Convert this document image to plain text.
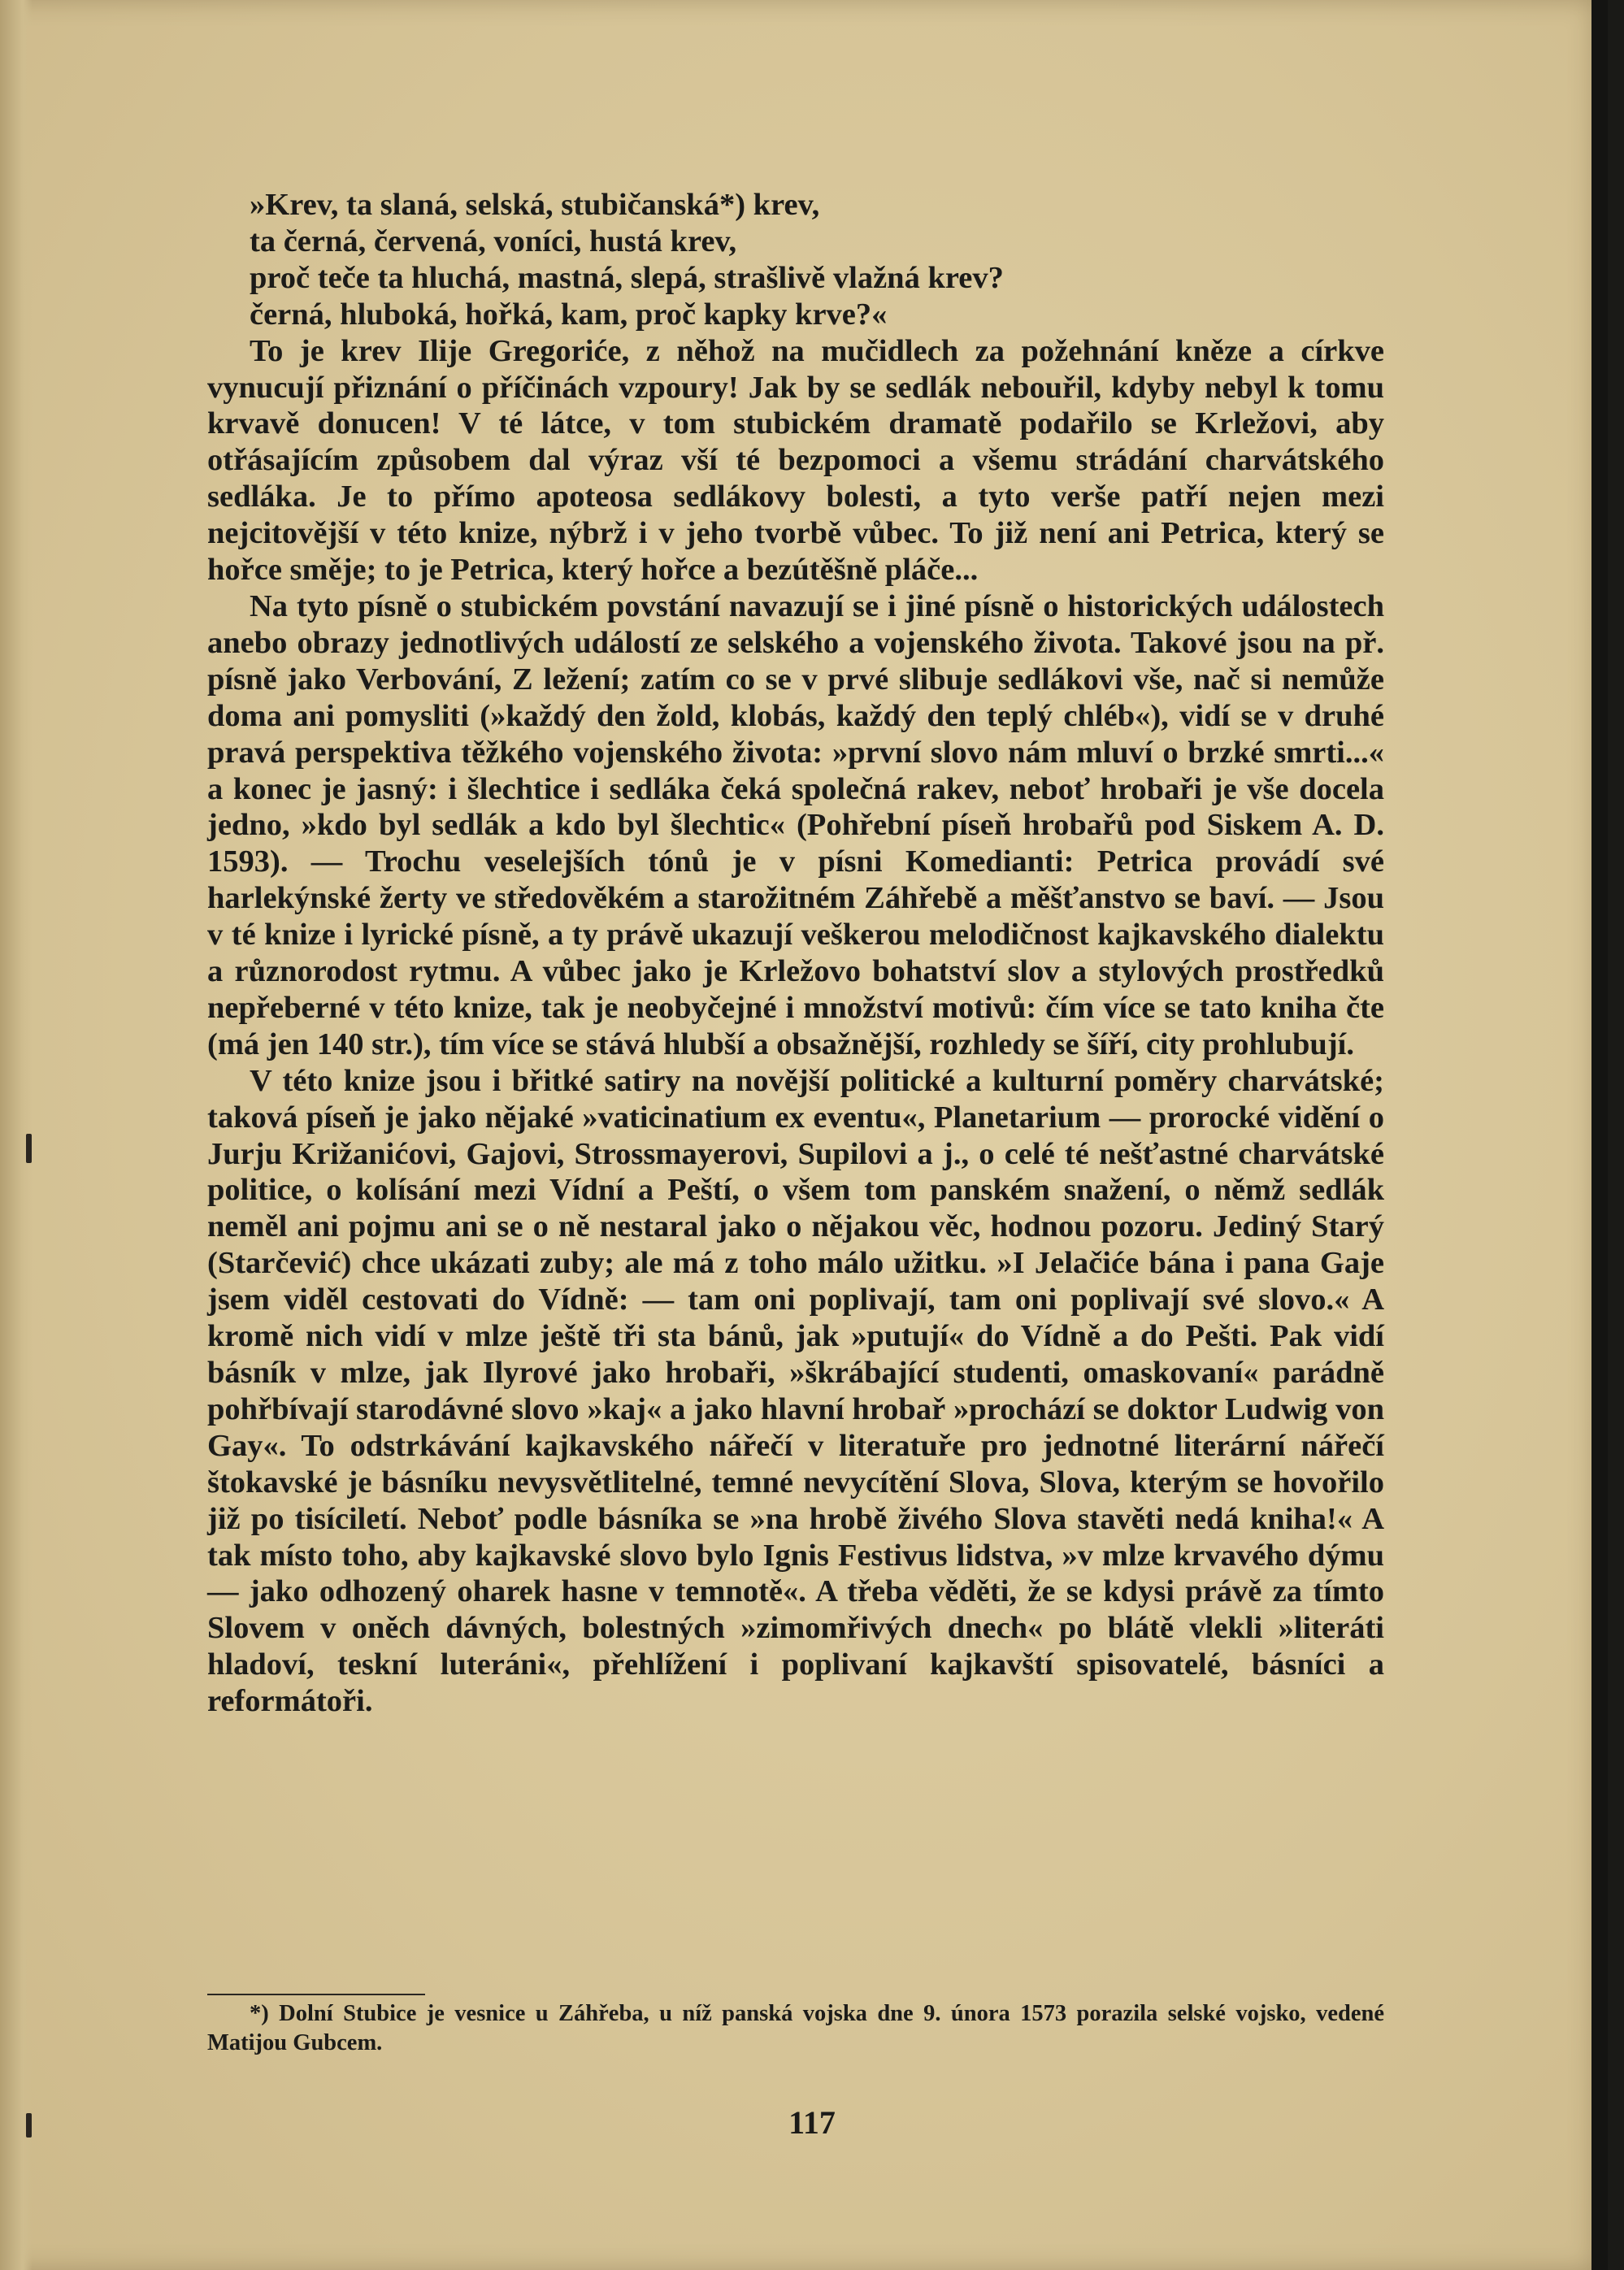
»Krev, ta slaná, selská, stubičanská*) krev,
ta černá, červená, voníci, hustá krev,
proč teče ta hluchá, mastná, slepá, strašlivě vlažná krev?
černá, hluboká, hořká, kam, proč kapky krve?«

To je krev Ilije Gregoriće, z něhož na mučidlech za požehnání kněze a církve vynucují přiznání o příčinách vzpoury! Jak by se sedlák nebouřil, kdyby nebyl k tomu krvavě donucen! V té látce, v tom stubickém dramatě podařilo se Krležovi, aby otřásajícím způsobem dal výraz vší té bezpomoci a všemu strádání charvátského sedláka. Je to přímo apoteosa sedlákovy bolesti, a tyto verše patří nejen mezi nejcitovější v této knize, nýbrž i v jeho tvorbě vůbec. To již není ani Petrica, který se hořce směje; to je Petrica, který hořce a bezútěšně pláče...

Na tyto písně o stubickém povstání navazují se i jiné písně o historických událostech anebo obrazy jednotlivých událostí ze selského a vojenského života. Takové jsou na př. písně jako Verbování, Z ležení; zatím co se v prvé slibuje sedlákovi vše, nač si nemůže doma ani pomysliti (»každý den žold, klobás, každý den teplý chléb«), vidí se v druhé pravá perspektiva těžkého vojenského života: »první slovo nám mluví o brzké smrti...« a konec je jasný: i šlechtice i sedláka čeká společná rakev, neboť hrobaři je vše docela jedno, »kdo byl sedlák a kdo byl šlechtic« (Pohřební píseň hrobařů pod Siskem A. D. 1593). — Trochu veselejších tónů je v písni Komedianti: Petrica provádí své harlekýnské žerty ve středověkém a starožitném Záhřebě a měšťanstvo se baví. — Jsou v té knize i lyrické písně, a ty právě ukazují veškerou melodičnost kajkavského dialektu a různorodost rytmu. A vůbec jako je Krležovo bohatství slov a stylových prostředků nepřeberné v této knize, tak je neobyčejné i množství motivů: čím více se tato kniha čte (má jen 140 str.), tím více se stává hlubší a obsažnější, rozhledy se šíří, city prohlubují.

V této knize jsou i břitké satiry na novější politické a kulturní poměry charvátské; taková píseň je jako nějaké »vaticinatium ex eventu«, Planetarium — prorocké vidění o Jurju Križanićovi, Gajovi, Strossmayerovi, Supilovi a j., o celé té nešťastné charvátské politice, o kolísání mezi Vídní a Peští, o všem tom panském snažení, o němž sedlák neměl ani pojmu ani se o ně nestaral jako o nějakou věc, hodnou pozoru. Jediný Starý (Starčević) chce ukázati zuby; ale má z toho málo užitku. »I Jelačiće bána i pana Gaje jsem viděl cestovati do Vídně: — tam oni poplivají, tam oni poplivají své slovo.« A kromě nich vidí v mlze ještě tři sta bánů, jak »putují« do Vídně a do Pešti. Pak vidí básník v mlze, jak Ilyrové jako hrobaři, »škrábající studenti, omaskovaní« parádně pohřbívají starodávné slovo »kaj« a jako hlavní hrobař »prochází se doktor Ludwig von Gay«. To odstrkávání kajkavského nářečí v literatuře pro jednotné literární nářečí štokavské je básníku nevysvětlitelné, temné nevycítění Slova, Slova, kterým se hovořilo již po tisíciletí. Neboť podle básníka se »na hrobě živého Slova stavěti nedá kniha!« A tak místo toho, aby kajkavské slovo bylo Ignis Festivus lidstva, »v mlze krvavého dýmu — jako odhozený oharek hasne v temnotě«. A třeba věděti, že se kdysi právě za tímto Slovem v oněch dávných, bolestných »zimomřivých dnech« po blátě vlekli »literáti hladoví, teskní luteráni«, přehlížení i poplivaní kajkavští spisovatelé, básníci a reformátoři.

*) Dolní Stubice je vesnice u Záhřeba, u níž panská vojska dne 9. února 1573 porazila selské vojsko, vedené Matijou Gubcem.
117
